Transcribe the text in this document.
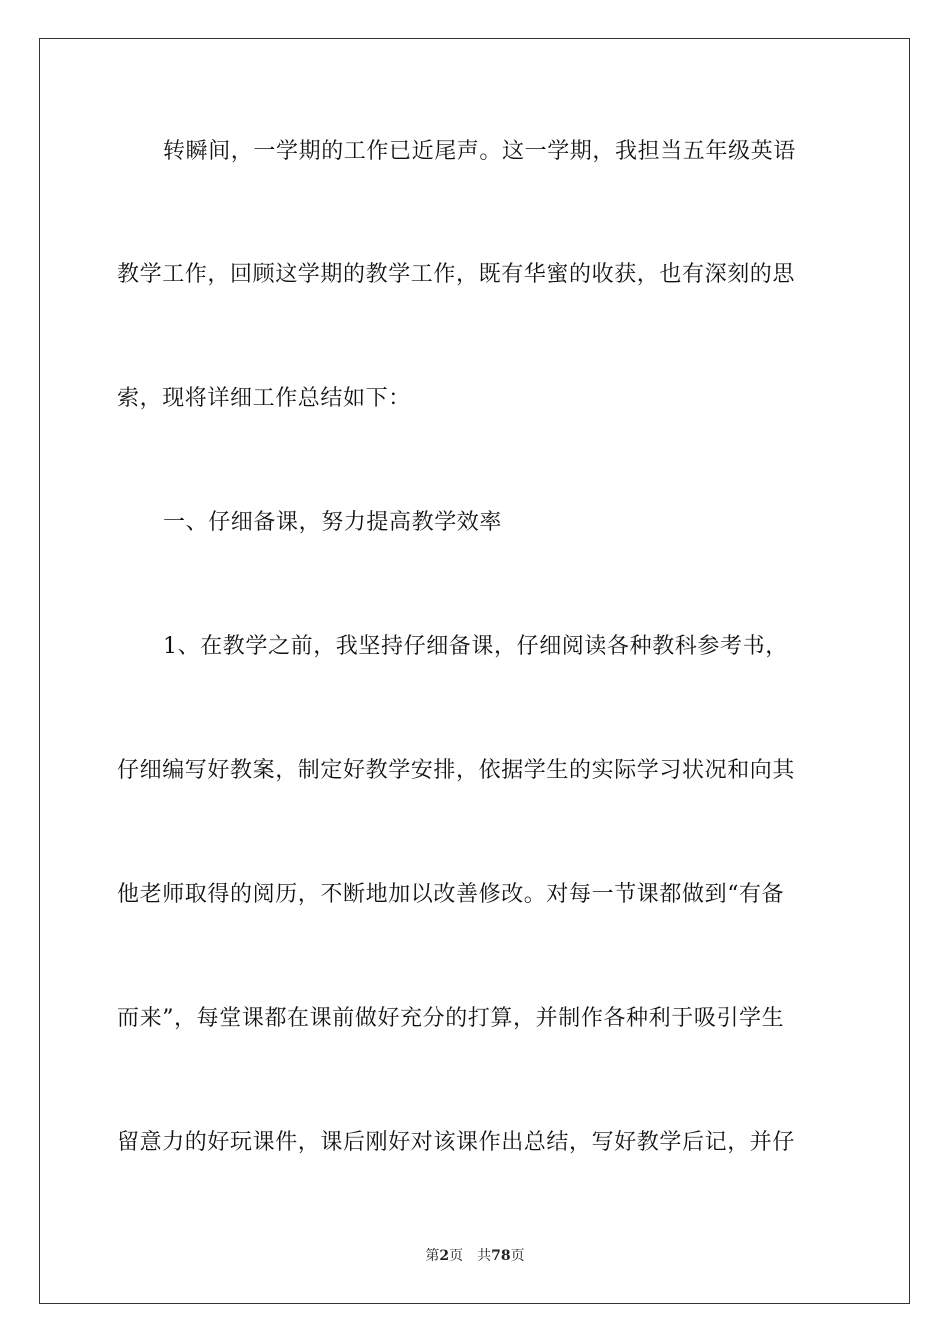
转瞬间，一学期的工作已近尾声。这一学期，我担当五年级英语
教学工作，回顾这学期的教学工作，既有华蜜的收获，也有深刻的思
索，现将详细工作总结如下：
一、仔细备课，努力提高教学效率
1、在教学之前，我坚持仔细备课，仔细阅读各种教科参考书，
仔细编写好教案，制定好教学安排，依据学生的实际学习状况和向其
他老师取得的阅历，不断地加以改善修改。对每一节课都做到“有备
而来”，每堂课都在课前做好充分的打算，并制作各种利于吸引学生
留意力的好玩课件，课后刚好对该课作出总结，写好教学后记，并仔
第2页 共78页
